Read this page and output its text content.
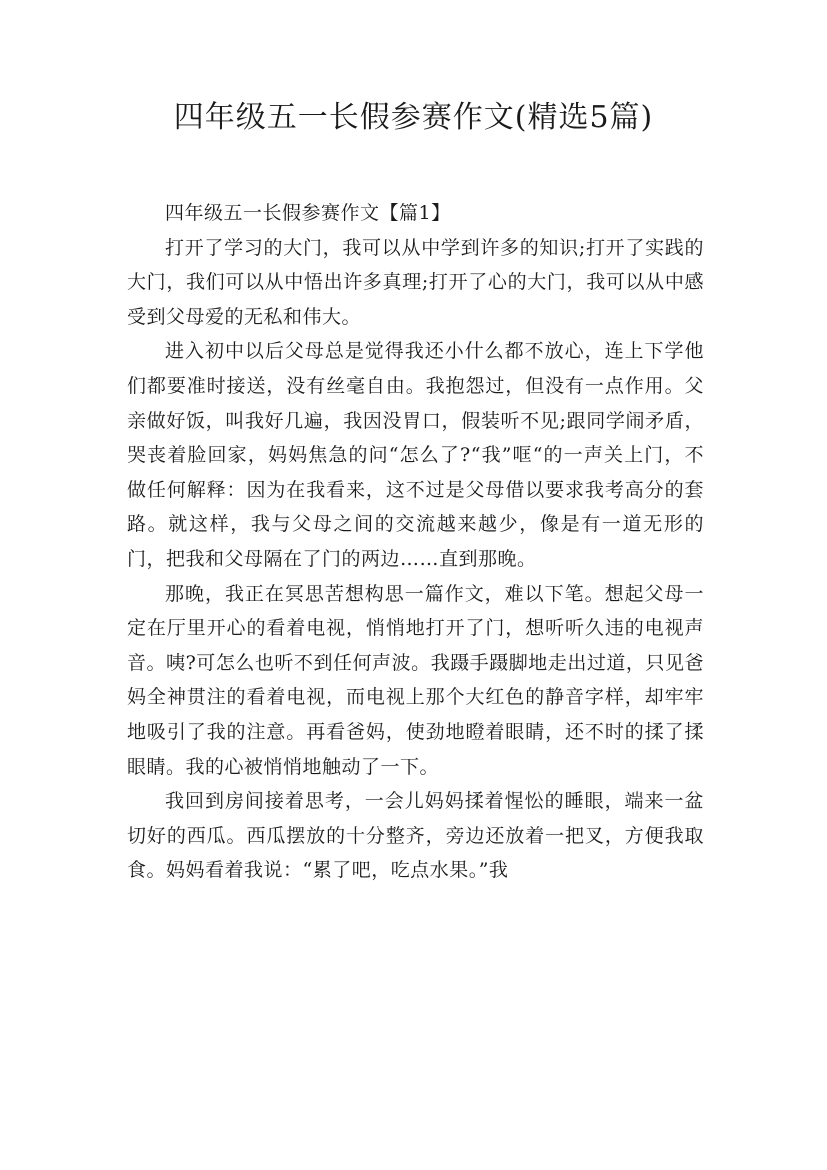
四年级五一长假参赛作文(精选5篇)

四年级五一长假参赛作文【篇1】

打开了学习的大门，我可以从中学到许多的知识;打开了实践的大门，我们可以从中悟出许多真理;打开了心的大门，我可以从中感受到父母爱的无私和伟大。

进入初中以后父母总是觉得我还小什么都不放心，连上下学他们都要准时接送，没有丝毫自由。我抱怨过，但没有一点作用。父亲做好饭，叫我好几遍，我因没胃口，假装听不见;跟同学闹矛盾，哭丧着脸回家，妈妈焦急的问“怎么了?“我”哐“的一声关上门，不做任何解释：因为在我看来，这不过是父母借以要求我考高分的套路。就这样，我与父母之间的交流越来越少，像是有一道无形的门，把我和父母隔在了门的两边……直到那晚。

那晚，我正在冥思苦想构思一篇作文，难以下笔。想起父母一定在厅里开心的看着电视，悄悄地打开了门，想听听久违的电视声音。咦?可怎么也听不到任何声波。我蹑手蹑脚地走出过道，只见爸妈全神贯注的看着电视，而电视上那个大红色的静音字样，却牢牢地吸引了我的注意。再看爸妈，使劲地瞪着眼睛，还不时的揉了揉眼睛。我的心被悄悄地触动了一下。

我回到房间接着思考，一会儿妈妈揉着惺忪的睡眼，端来一盆切好的西瓜。西瓜摆放的十分整齐，旁边还放着一把叉，方便我取食。妈妈看着我说：“累了吧，吃点水果。”我
